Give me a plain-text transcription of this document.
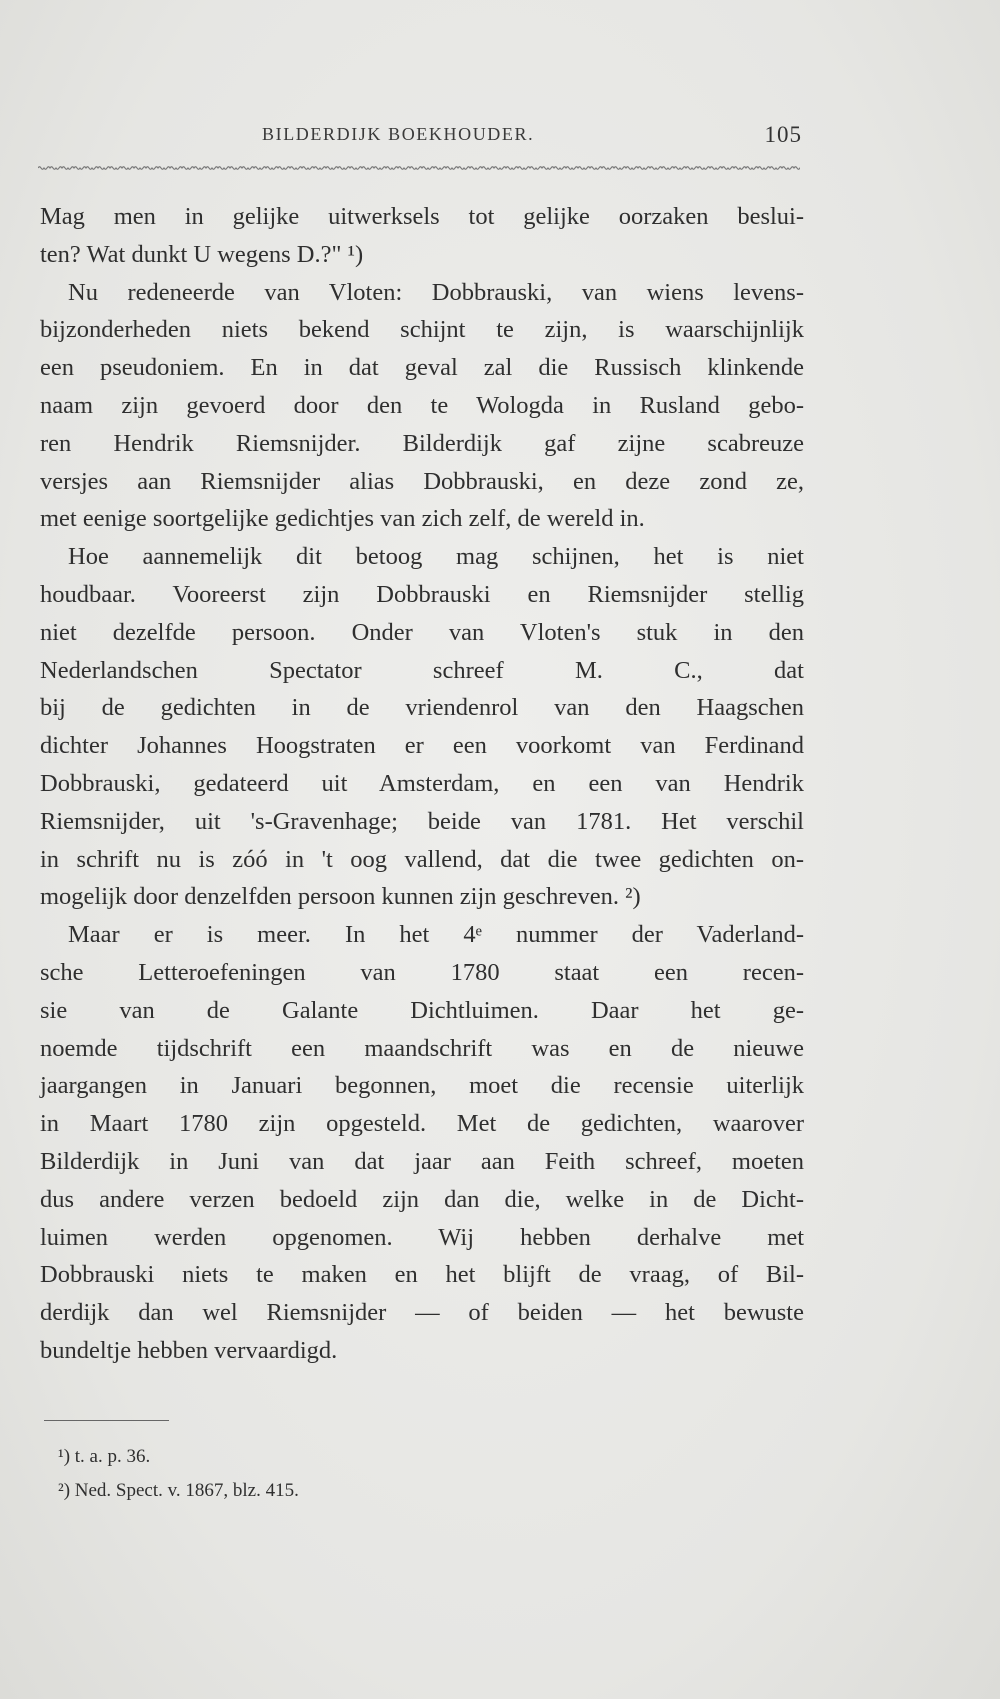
BILDERDIJK BOEKHOUDER.	105
Mag men in gelijke uitwerksels tot gelijke oorzaken beslui-
ten? Wat dunkt U wegens D.?" ¹)
Nu redeneerde van Vloten: Dobbrauski, van wiens levens-
bijzonderheden niets bekend schijnt te zijn, is waarschijnlijk
een pseudoniem. En in dat geval zal die Russisch klinkende
naam zijn gevoerd door den te Wologda in Rusland gebo-
ren Hendrik Riemsnijder. Bilderdijk gaf zijne scabreuze
versjes aan Riemsnijder alias Dobbrauski, en deze zond ze,
met eenige soortgelijke gedichtjes van zich zelf, de wereld in.
Hoe aannemelijk dit betoog mag schijnen, het is niet
houdbaar. Vooreerst zijn Dobbrauski en Riemsnijder stellig
niet dezelfde persoon. Onder van Vloten's stuk in den
Nederlandschen Spectator schreef M. C., dat
bij de gedichten in de vriendenrol van den Haagschen
dichter Johannes Hoogstraten er een voorkomt van Ferdinand
Dobbrauski, gedateerd uit Amsterdam, en een van Hendrik
Riemsnijder, uit 's-Gravenhage; beide van 1781. Het verschil
in schrift nu is zóó in 't oog vallend, dat die twee gedichten on-
mogelijk door denzelfden persoon kunnen zijn geschreven. ²)
Maar er is meer. In het 4ᵉ nummer der Vaderland-
sche Letteroefeningen van 1780 staat een recen-
sie van de Galante Dichtluimen. Daar het ge-
noemde tijdschrift een maandschrift was en de nieuwe
jaargangen in Januari begonnen, moet die recensie uiterlijk
in Maart 1780 zijn opgesteld. Met de gedichten, waarover
Bilderdijk in Juni van dat jaar aan Feith schreef, moeten
dus andere verzen bedoeld zijn dan die, welke in de Dicht-
luimen werden opgenomen. Wij hebben derhalve met
Dobbrauski niets te maken en het blijft de vraag, of Bil-
derdijk dan wel Riemsnijder — of beiden — het bewuste
bundeltje hebben vervaardigd.
¹) t. a. p. 36.
²) Ned. Spect. v. 1867, blz. 415.
